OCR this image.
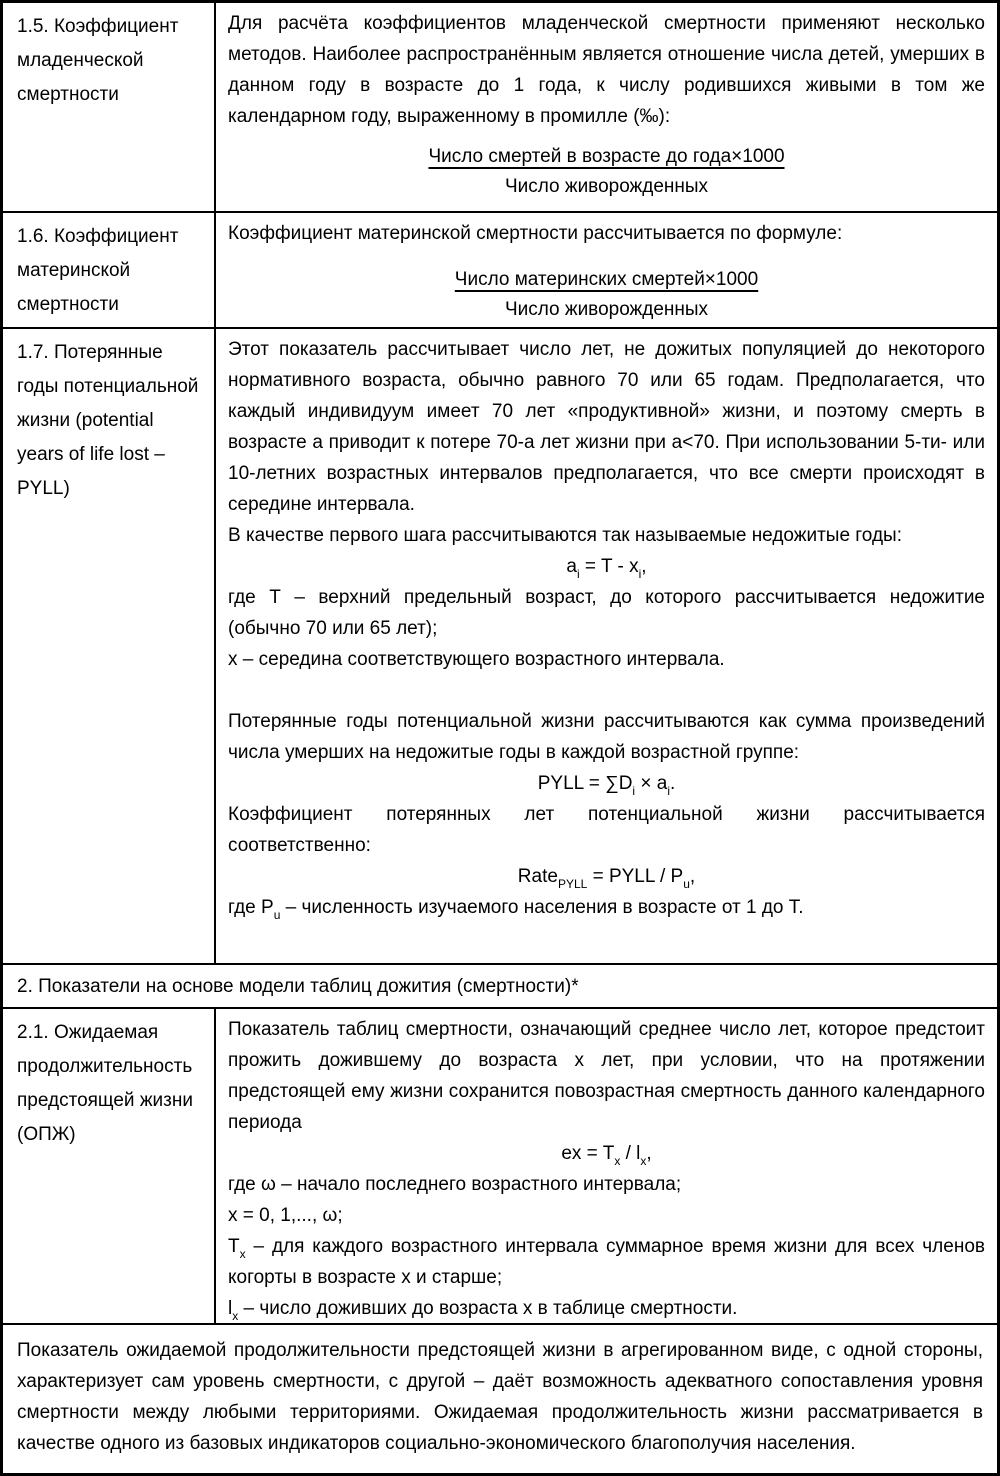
1.5. Коэффициент младенческой смертности
Для расчёта коэффициентов младенческой смертности применяют несколько методов. Наиболее распространённым является отношение числа детей, умерших в данном году в возрасте до 1 года, к числу родившихся живыми в том же календарном году, выраженному в промилле (‰):
Число смертей в возрасте до года×1000
Число живорожденных
1.6. Коэффициент материнской смертности
Коэффициент материнской смертности рассчитывается по формуле:
Число материнских смертей×1000
Число живорожденных
1.7. Потерянные годы потенциальной жизни (potential years of life lost – PYLL)
Этот показатель рассчитывает число лет, не дожитых популяцией до некоторого нормативного возраста, обычно равного 70 или 65 годам. Предполагается, что каждый индивидуум имеет 70 лет «продуктивной» жизни, и поэтому смерть в возрасте а приводит к потере 70-а лет жизни при а<70. При использовании 5-ти- или 10-летних возрастных интервалов предполагается, что все смерти происходят в середине интервала.
В качестве первого шага рассчитываются так называемые недожитые годы:
$a_i = T - x_i$,
где Т – верхний предельный возраст, до которого рассчитывается недожитие (обычно 70 или 65 лет);
х – середина соответствующего возрастного интервала.
Потерянные годы потенциальной жизни рассчитываются как сумма произведений числа умерших на недожитые годы в каждой возрастной группе:
PYLL = $\sum D_i \times a_i$.
Коэффициент потерянных лет потенциальной жизни рассчитывается соответственно:
Rate$_{PYLL}$ = PYLL / $P_u$,
где $P_u$ – численность изучаемого населения в возрасте от 1 до Т.
2. Показатели на основе модели таблиц дожития (смертности)*
2.1. Ожидаемая продолжительность предстоящей жизни (ОПЖ)
Показатель таблиц смертности, означающий среднее число лет, которое предстоит прожить дожившему до возраста х лет, при условии, что на протяжении предстоящей ему жизни сохранится повозрастная смертность данного календарного периода
ex = $T_x / l_x$,
где ω – начало последнего возрастного интервала;
х = 0, 1,..., ω;
$Т_х$ – для каждого возрастного интервала суммарное время жизни для всех членов когорты в возрасте х и старше;
$l_х$ – число доживших до возраста х в таблице смертности.
Показатель ожидаемой продолжительности предстоящей жизни в агрегированном виде, с одной стороны, характеризует сам уровень смертности, с другой – даёт возможность адекватного сопоставления уровня смертности между любыми территориями. Ожидаемая продолжительность жизни рассматривается в качестве одного из базовых индикаторов социально-экономического благополучия населения.
